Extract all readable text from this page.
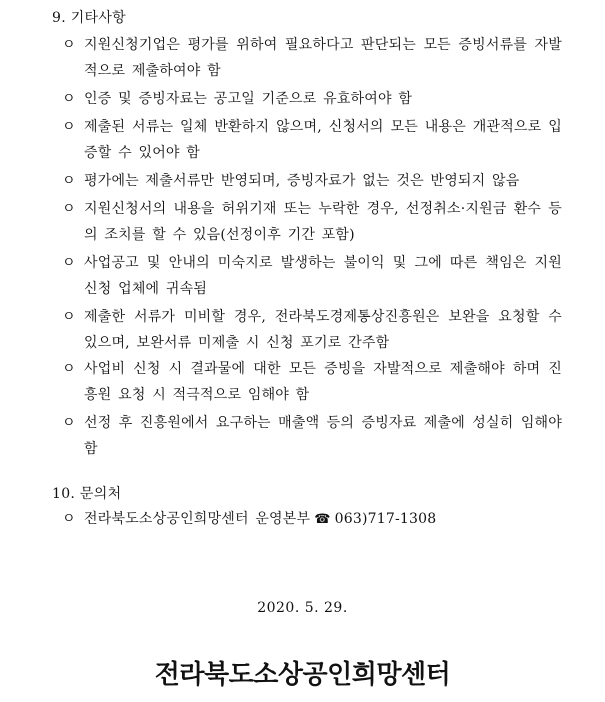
9. 기타사항
ㅇ 지원신청기업은 평가를 위하여 필요하다고 판단되는 모든 증빙서류를 자발적으로 제출하여야 함
ㅇ 인증 및 증빙자료는 공고일 기준으로 유효하여야 함
ㅇ 제출된 서류는 일체 반환하지 않으며, 신청서의 모든 내용은 개관적으로 입증할 수 있어야 함
ㅇ 평가에는 제출서류만 반영되며, 증빙자료가 없는 것은 반영되지 않음
ㅇ 지원신청서의 내용을 허위기재 또는 누락한 경우, 선정취소·지원금 환수 등의 조치를 할 수 있음(선정이후 기간 포함)
ㅇ 사업공고 및 안내의 미숙지로 발생하는 불이익 및 그에 따른 책임은 지원신청 업체에 귀속됨
ㅇ 제출한 서류가 미비할 경우, 전라북도경제통상진흥원은 보완을 요청할 수 있으며, 보완서류 미제출 시 신청 포기로 간주함
ㅇ 사업비 신청 시 결과물에 대한 모든 증빙을 자발적으로 제출해야 하며 진흥원 요청 시 적극적으로 임해야 함
ㅇ 선정 후 진흥원에서 요구하는 매출액 등의 증빙자료 제출에 성실히 임해야 함
10. 문의처
ㅇ 전라북도소상공인희망센터 운영본부 ☎ 063)717-1308
2020. 5. 29.
전라북도소상공인희망센터
